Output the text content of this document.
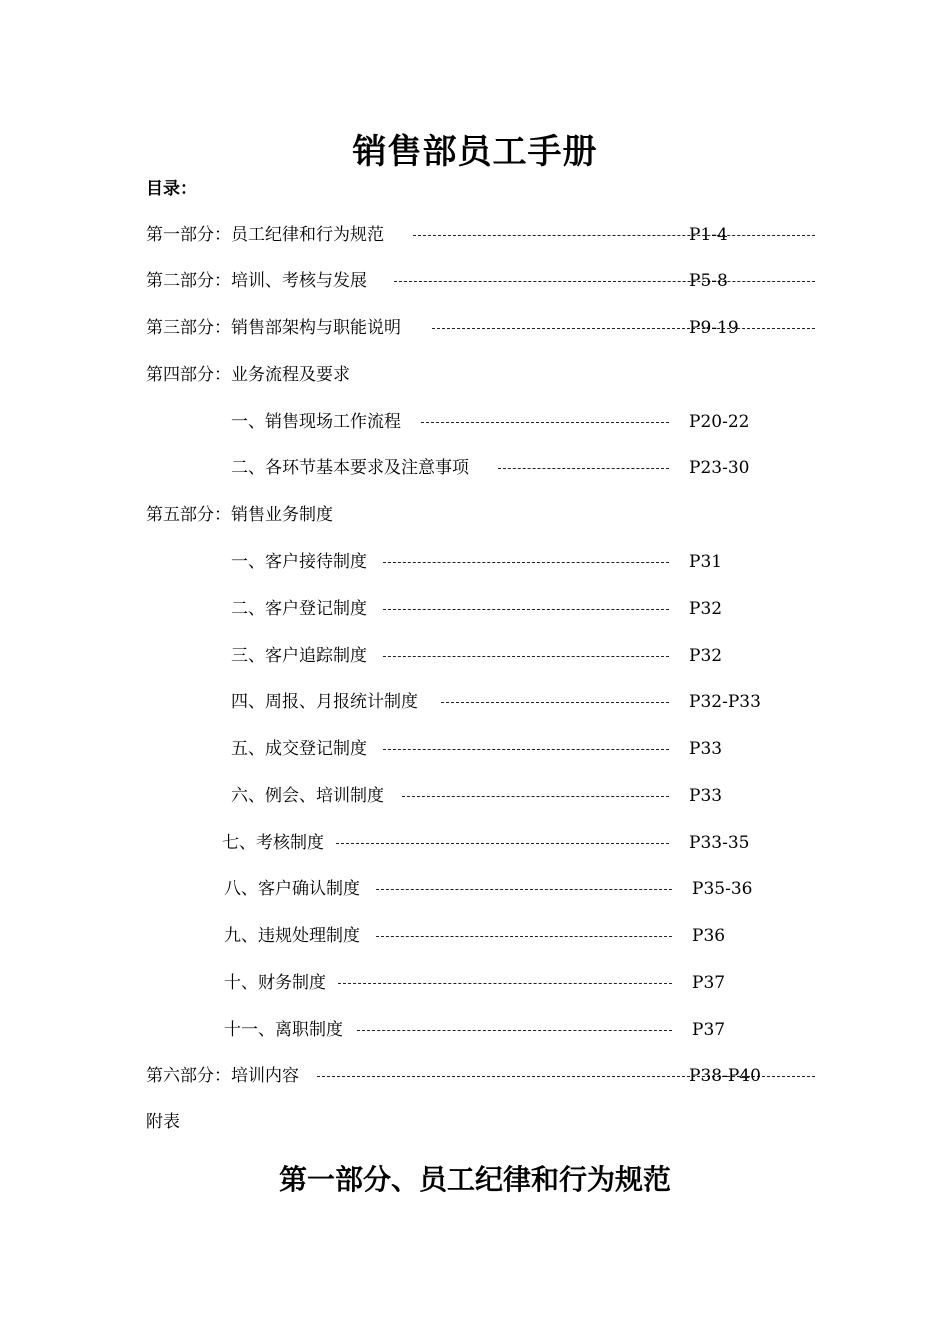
销售部员工手册
目录：
第一部分：员工纪律和行为规范	P1-4
第二部分：培训、考核与发展	P5-8
第三部分：销售部架构与职能说明	P9-19
第四部分：业务流程及要求
一、销售现场工作流程	P20-22
二、各环节基本要求及注意事项	P23-30
第五部分：销售业务制度
一、客户接待制度	P31
二、客户登记制度	P32
三、客户追踪制度	P32
四、周报、月报统计制度	P32-P33
五、成交登记制度	P33
六、例会、培训制度	P33
七、考核制度	P33-35
八、客户确认制度	P35-36
九、违规处理制度	P36
十、财务制度	P37
十一、离职制度	P37
第六部分：培训内容	P38-P40
附表
第一部分、员工纪律和行为规范
